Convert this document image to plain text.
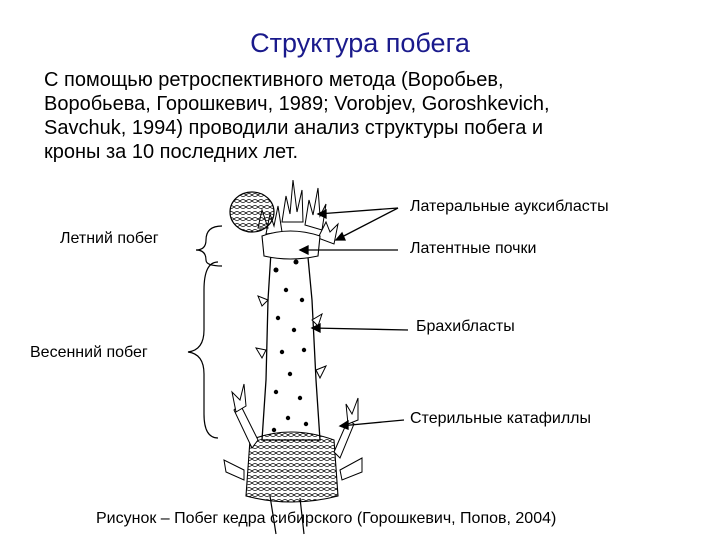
Структура побега
С помощью ретроспективного метода (Воробьев,
Воробьева, Горошкевич, 1989; Vorobjev, Goroshkevich,
Savchuk, 1994) проводили анализ структуры побега и
кроны за 10 последних лет.
Латеральные ауксибласты
Летний побег
Латентные почки
Брахибласты
Весенний побег
Стерильные катафиллы
Рисунок – Побег кедра сибирского (Горошкевич, Попов, 2004)
